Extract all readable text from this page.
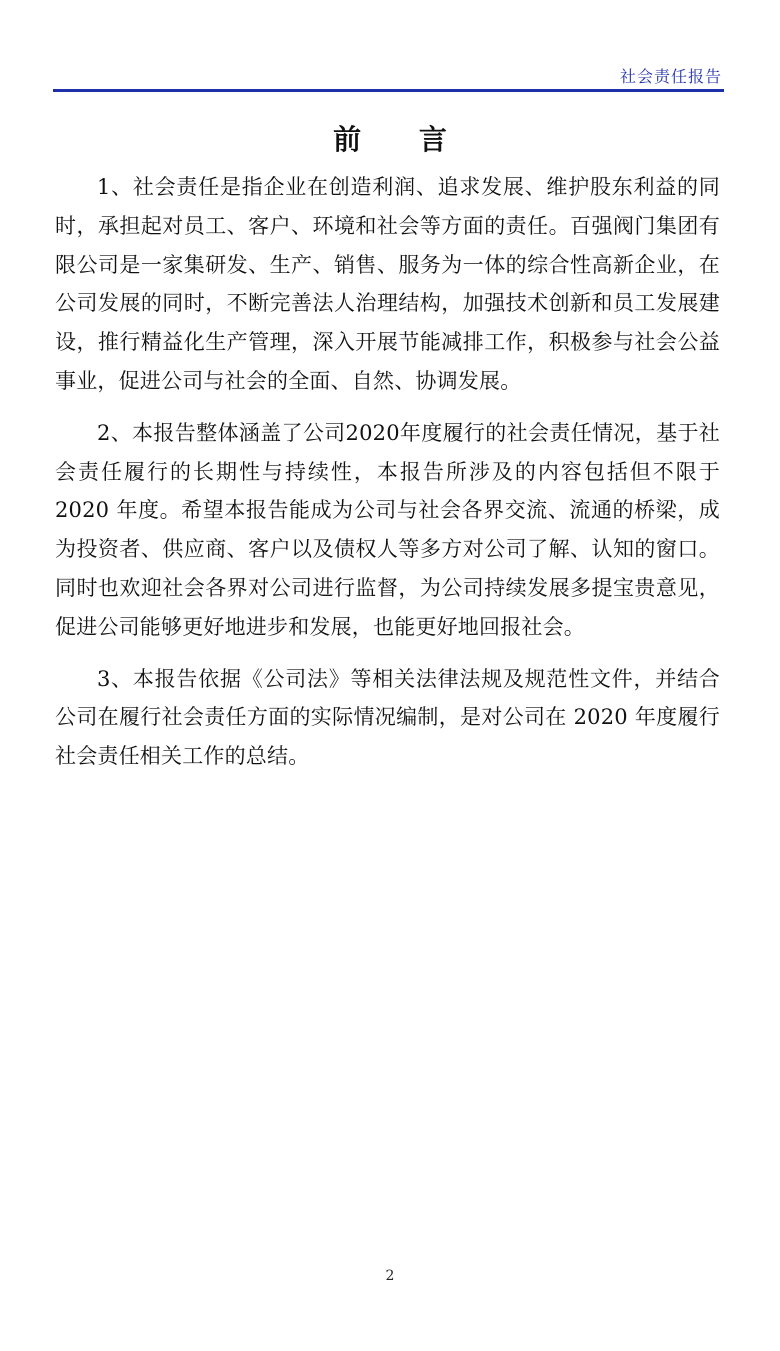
社会责任报告
前 言

1、社会责任是指企业在创造利润、追求发展、维护股东利益的同时，承担起对员工、客户、环境和社会等方面的责任。百强阀门集团有限公司是一家集研发、生产、销售、服务为一体的综合性高新企业，在公司发展的同时，不断完善法人治理结构，加强技术创新和员工发展建设，推行精益化生产管理，深入开展节能减排工作，积极参与社会公益事业，促进公司与社会的全面、自然、协调发展。

2、本报告整体涵盖了公司2020年度履行的社会责任情况，基于社会责任履行的长期性与持续性，本报告所涉及的内容包括但不限于2020 年度。希望本报告能成为公司与社会各界交流、流通的桥梁，成为投资者、供应商、客户以及债权人等多方对公司了解、认知的窗口。同时也欢迎社会各界对公司进行监督，为公司持续发展多提宝贵意见，促进公司能够更好地进步和发展，也能更好地回报社会。

3、本报告依据《公司法》等相关法律法规及规范性文件，并结合公司在履行社会责任方面的实际情况编制，是对公司在 2020 年度履行社会责任相关工作的总结。

2
